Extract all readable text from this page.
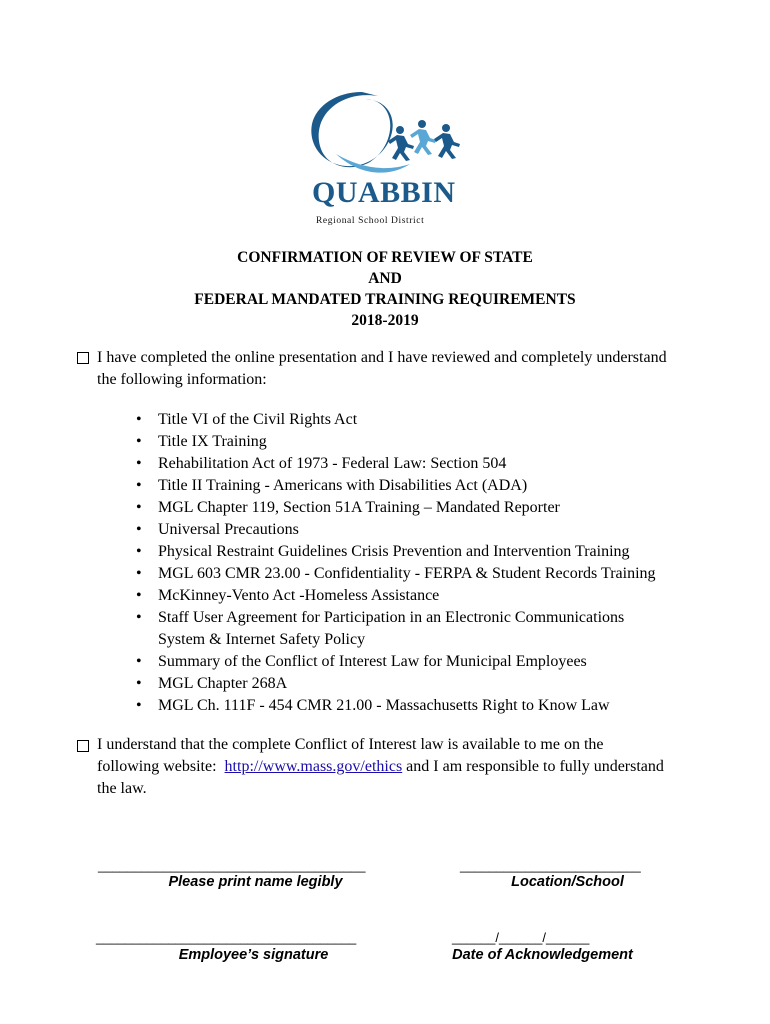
QUABBIN
Regional School District
CONFIRMATION OF REVIEW OF STATE
AND
FEDERAL MANDATED TRAINING REQUIREMENTS
2018-2019
I have completed the online presentation and I have reviewed and completely understand
the following information:
• Title VI of the Civil Rights Act
• Title IX Training
• Rehabilitation Act of 1973 - Federal Law: Section 504
• Title II Training - Americans with Disabilities Act (ADA)
• MGL Chapter 119, Section 51A Training – Mandated Reporter
• Universal Precautions
• Physical Restraint Guidelines Crisis Prevention and Intervention Training
• MGL 603 CMR 23.00 - Confidentiality - FERPA & Student Records Training
• McKinney-Vento Act -Homeless Assistance
• Staff User Agreement for Participation in an Electronic Communications
System & Internet Safety Policy
• Summary of the Conflict of Interest Law for Municipal Employees
• MGL Chapter 268A
• MGL Ch. 111F - 454 CMR 21.00 - Massachusetts Right to Know Law
I understand that the complete Conflict of Interest law is available to me on the
following website: http://www.mass.gov/ethics and I am responsible to fully understand
the law.
_____________________________________
Please print name legibly
_________________________
Location/School
____________________________________
Employee’s signature
______/______/______
Date of Acknowledgement
